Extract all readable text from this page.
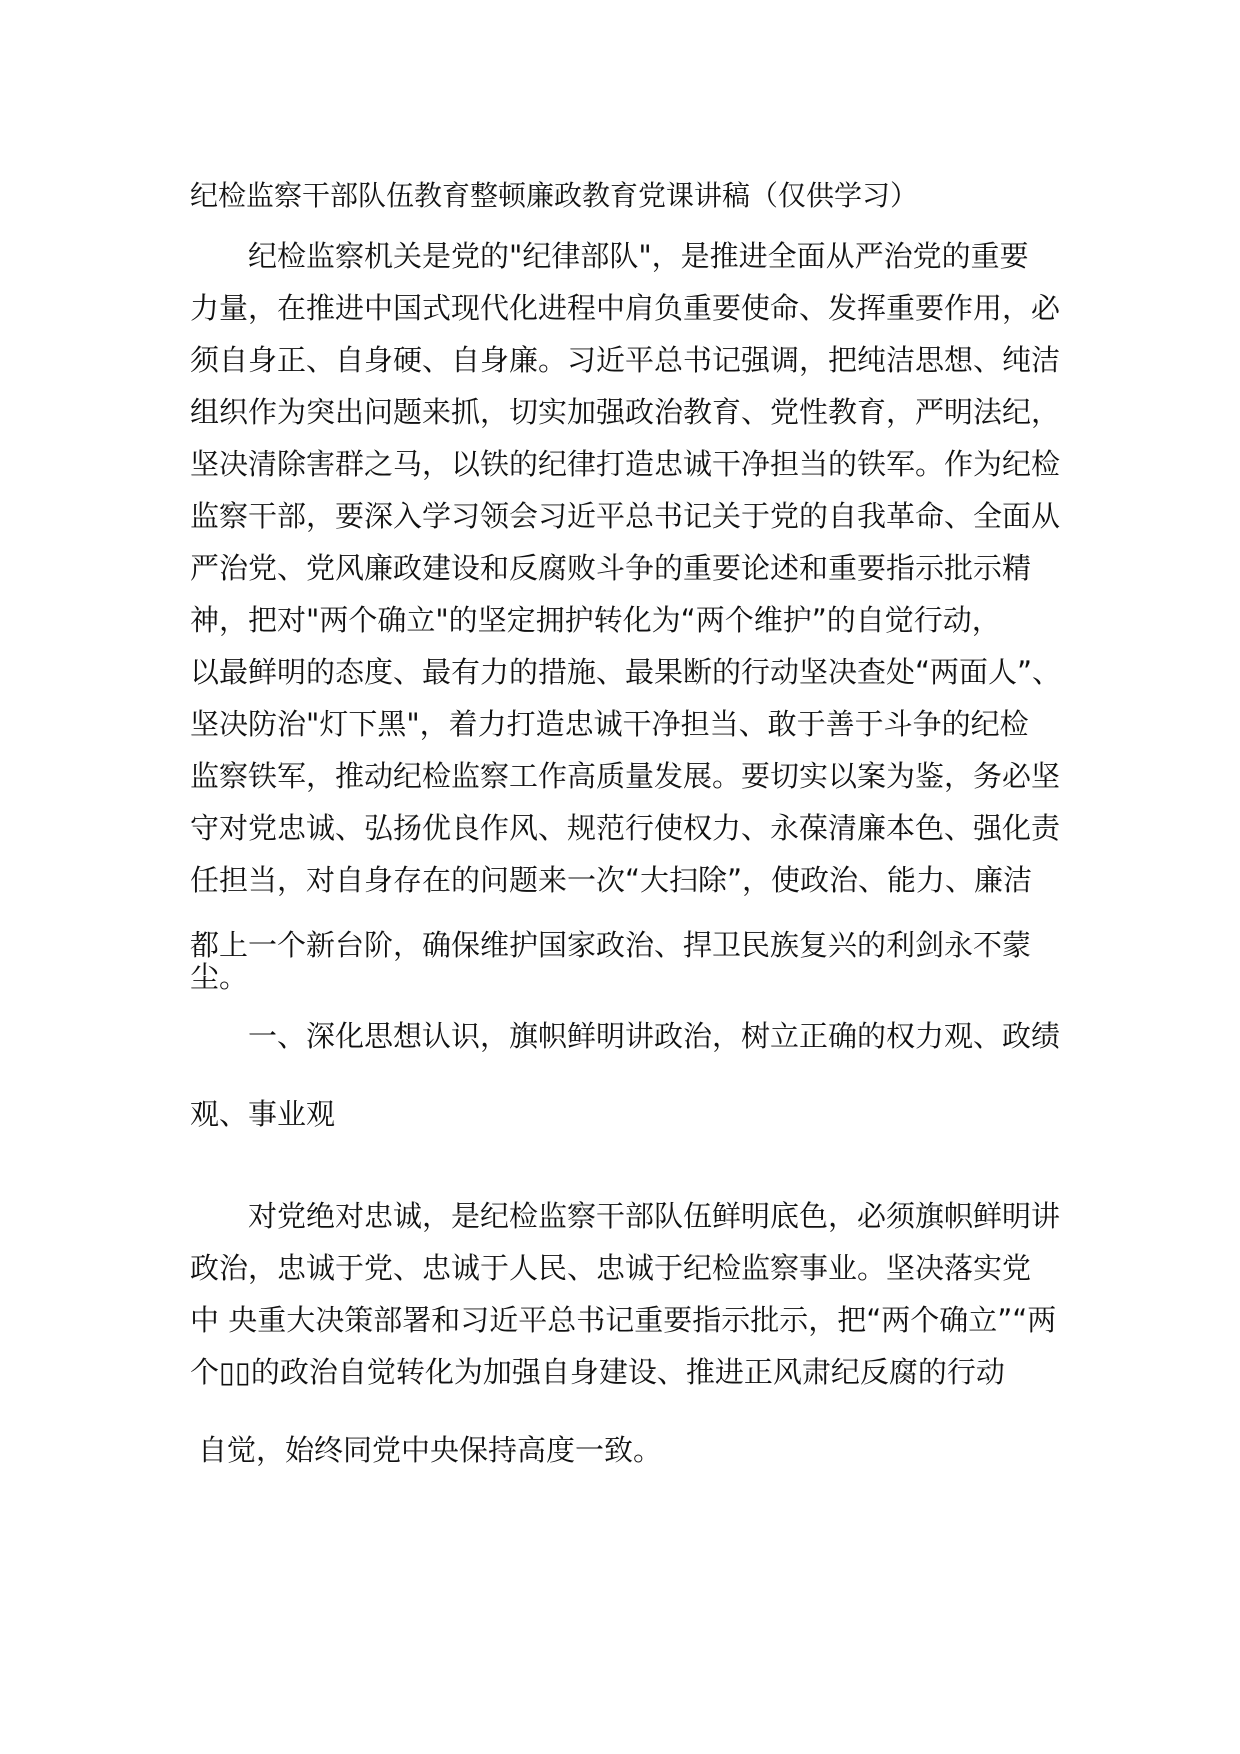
纪检监察干部队伍教育整顿廉政教育党课讲稿（仅供学习）

纪检监察机关是党的"纪律部队"，是推进全面从严治党的重要

力量，在推进中国式现代化进程中肩负重要使命、发挥重要作用，必

须自身正、自身硬、自身廉。习近平总书记强调，把纯洁思想、纯洁

组织作为突出问题来抓，切实加强政治教育、党性教育，严明法纪，

坚决清除害群之马，以铁的纪律打造忠诚干净担当的铁军。作为纪检

监察干部，要深入学习领会习近平总书记关于党的自我革命、全面从

严治党、党风廉政建设和反腐败斗争的重要论述和重要指示批示精

神，把对"两个确立"的坚定拥护转化为“两个维护”的自觉行动，

以最鲜明的态度、最有力的措施、最果断的行动坚决查处“两面人”、

坚决防治"灯下黑"，着力打造忠诚干净担当、敢于善于斗争的纪检

监察铁军，推动纪检监察工作高质量发展。要切实以案为鉴，务必坚

守对党忠诚、弘扬优良作风、规范行使权力、永葆清廉本色、强化责

任担当，对自身存在的问题来一次“大扫除”，使政治、能力、廉洁

都上一个新台阶，确保维护国家政治、捍卫民族复兴的利剑永不蒙

尘。

一、深化思想认识，旗帜鲜明讲政治，树立正确的权力观、政绩

观、事业观

对党绝对忠诚，是纪检监察干部队伍鲜明底色，必须旗帜鲜明讲

政治，忠诚于党、忠诚于人民、忠诚于纪检监察事业。坚决落实党

中 央重大决策部署和习近平总书记重要指示批示，把“两个确立”“两

个▯▯的政治自觉转化为加强自身建设、推进正风肃纪反腐的行动

自觉，始终同党中央保持高度一致。
